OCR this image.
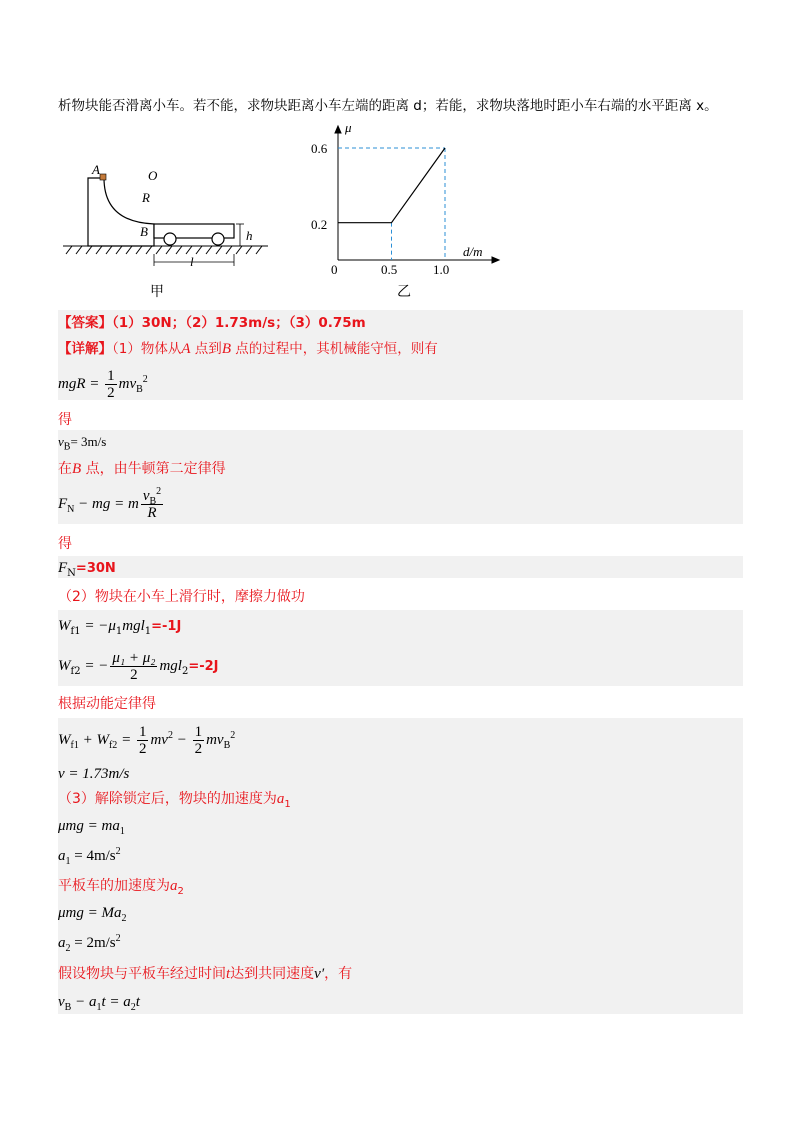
析物块能否滑离小车。若不能，求物块距离小车左端的距离 d；若能，求物块落地时距小车右端的水平距离 x。
A	O
R
B	h
l
甲
μ
d/m
0.6
0.2
0	0.5	1.0
乙
【答案】（1）30N；（2）1.73m/s；（3）0.75m
【详解】（1）物体从A 点到B 点的过程中，其机械能守恒，则有
mgR = $\frac{1}{2} mv_B^2$
得
$v_B= 3m/s$
在B 点，由牛顿第二定律得
$F_N$ − mg = m $\frac{v_B^2}{R}$
得
$F_N=30N$
（2）物块在小车上滑行时，摩擦力做功
$W_{f1} = -\mu_1mgl_1=-1J$
$W_{f2}$ = − $\frac{\text{μ₁ + μ₂}}{2} mgl_2=-2J$
根据动能定律得
$W_{f1} + W_{f2} = \frac{1}{2} mv^2 - \frac{1}{2} mv_B^2$
v = 1.73m/s
（3）解除锁定后，物块的加速度为$a_1$
$\mu mg = ma_1$
$a_1 = 4m/s^2$
平板车的加速度为$a_2$
$\mu mg = Ma_2$
$a_2 = 2m/s^2$
假设物块与平板车经过时间t达到共同速度v′，有
$v_B - a_1t = a_2t$
